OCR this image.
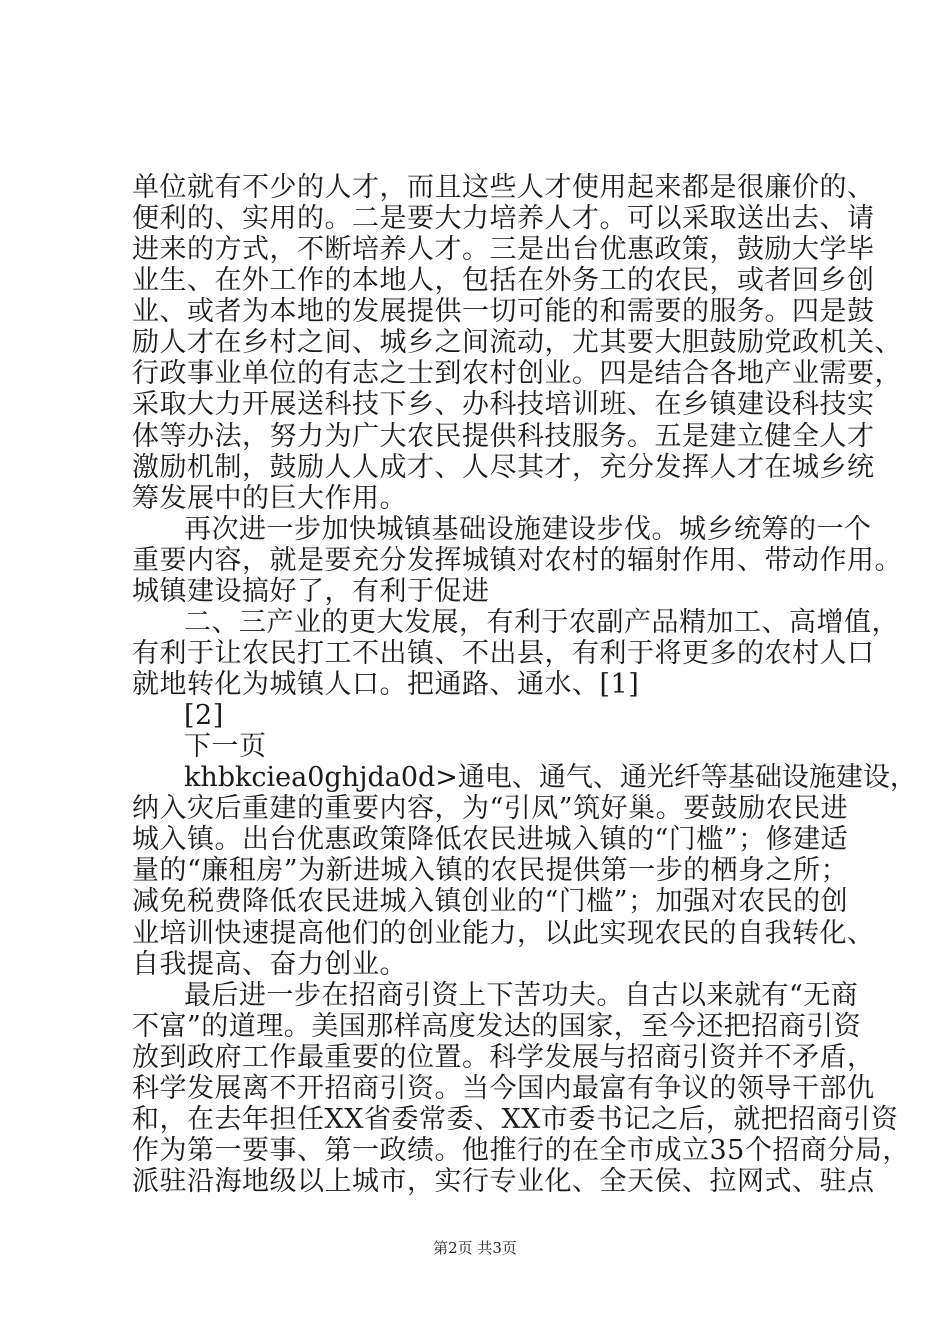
单位就有不少的人才，而且这些人才使用起来都是很廉价的、
便利的、实用的。二是要大力培养人才。可以采取送出去、请
进来的方式，不断培养人才。三是出台优惠政策，鼓励大学毕
业生、在外工作的本地人，包括在外务工的农民，或者回乡创
业、或者为本地的发展提供一切可能的和需要的服务。四是鼓
励人才在乡村之间、城乡之间流动，尤其要大胆鼓励党政机关、
行政事业单位的有志之士到农村创业。四是结合各地产业需要，
采取大力开展送科技下乡、办科技培训班、在乡镇建设科技实
体等办法，努力为广大农民提供科技服务。五是建立健全人才
激励机制，鼓励人人成才、人尽其才，充分发挥人才在城乡统
筹发展中的巨大作用。
再次进一步加快城镇基础设施建设步伐。城乡统筹的一个
重要内容，就是要充分发挥城镇对农村的辐射作用、带动作用。
城镇建设搞好了，有利于促进
二、三产业的更大发展，有利于农副产品精加工、高增值，
有利于让农民打工不出镇、不出县，有利于将更多的农村人口
就地转化为城镇人口。把通路、通水、[1]
[2]
下一页
khbkciea0ghjda0d>通电、通气、通光纤等基础设施建设，
纳入灾后重建的重要内容，为“引凤”筑好巢。要鼓励农民进
城入镇。出台优惠政策降低农民进城入镇的“门槛”；修建适
量的“廉租房”为新进城入镇的农民提供第一步的栖身之所；
减免税费降低农民进城入镇创业的“门槛”；加强对农民的创
业培训快速提高他们的创业能力，以此实现农民的自我转化、
自我提高、奋力创业。
最后进一步在招商引资上下苦功夫。自古以来就有“无商
不富”的道理。美国那样高度发达的国家，至今还把招商引资
放到政府工作最重要的位置。科学发展与招商引资并不矛盾，
科学发展离不开招商引资。当今国内最富有争议的领导干部仇
和，在去年担任XX省委常委、XX市委书记之后，就把招商引资
作为第一要事、第一政绩。他推行的在全市成立35个招商分局，
派驻沿海地级以上城市，实行专业化、全天侯、拉网式、驻点
第2页 共3页
